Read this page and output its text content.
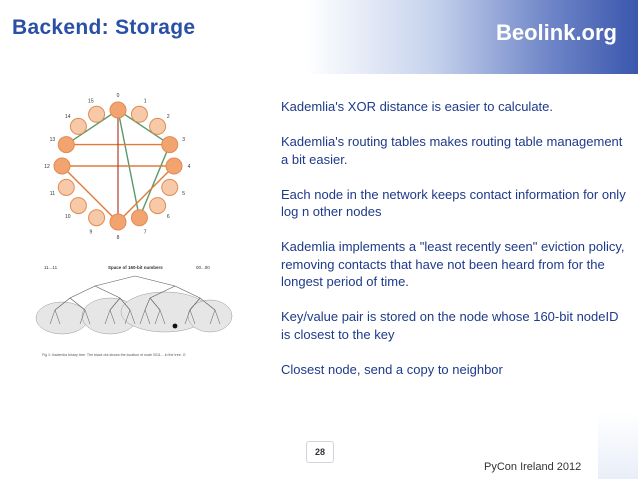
Backend: Storage	Beolink.org
0
1
2
3
4
5
6
7
8
9
10
11
12
13
14
15
Space of 160-bit numbers
11...11	00...00
Fig 1: Kademlia binary tree. The black dot shows the location of node 0011... in the tree. G

Kademlia's XOR distance is easier to calculate.

Kademlia's routing tables makes routing table management a bit easier.

Each node in the network keeps contact information for only log n other nodes

Kademlia implements a "least recently seen" eviction policy, removing contacts that have not been heard from for the longest period of time.

Key/value pair is stored on the node whose 160-bit nodeID is closest to the key

Closest node, send a copy to neighbor

28
PyCon Ireland 2012
